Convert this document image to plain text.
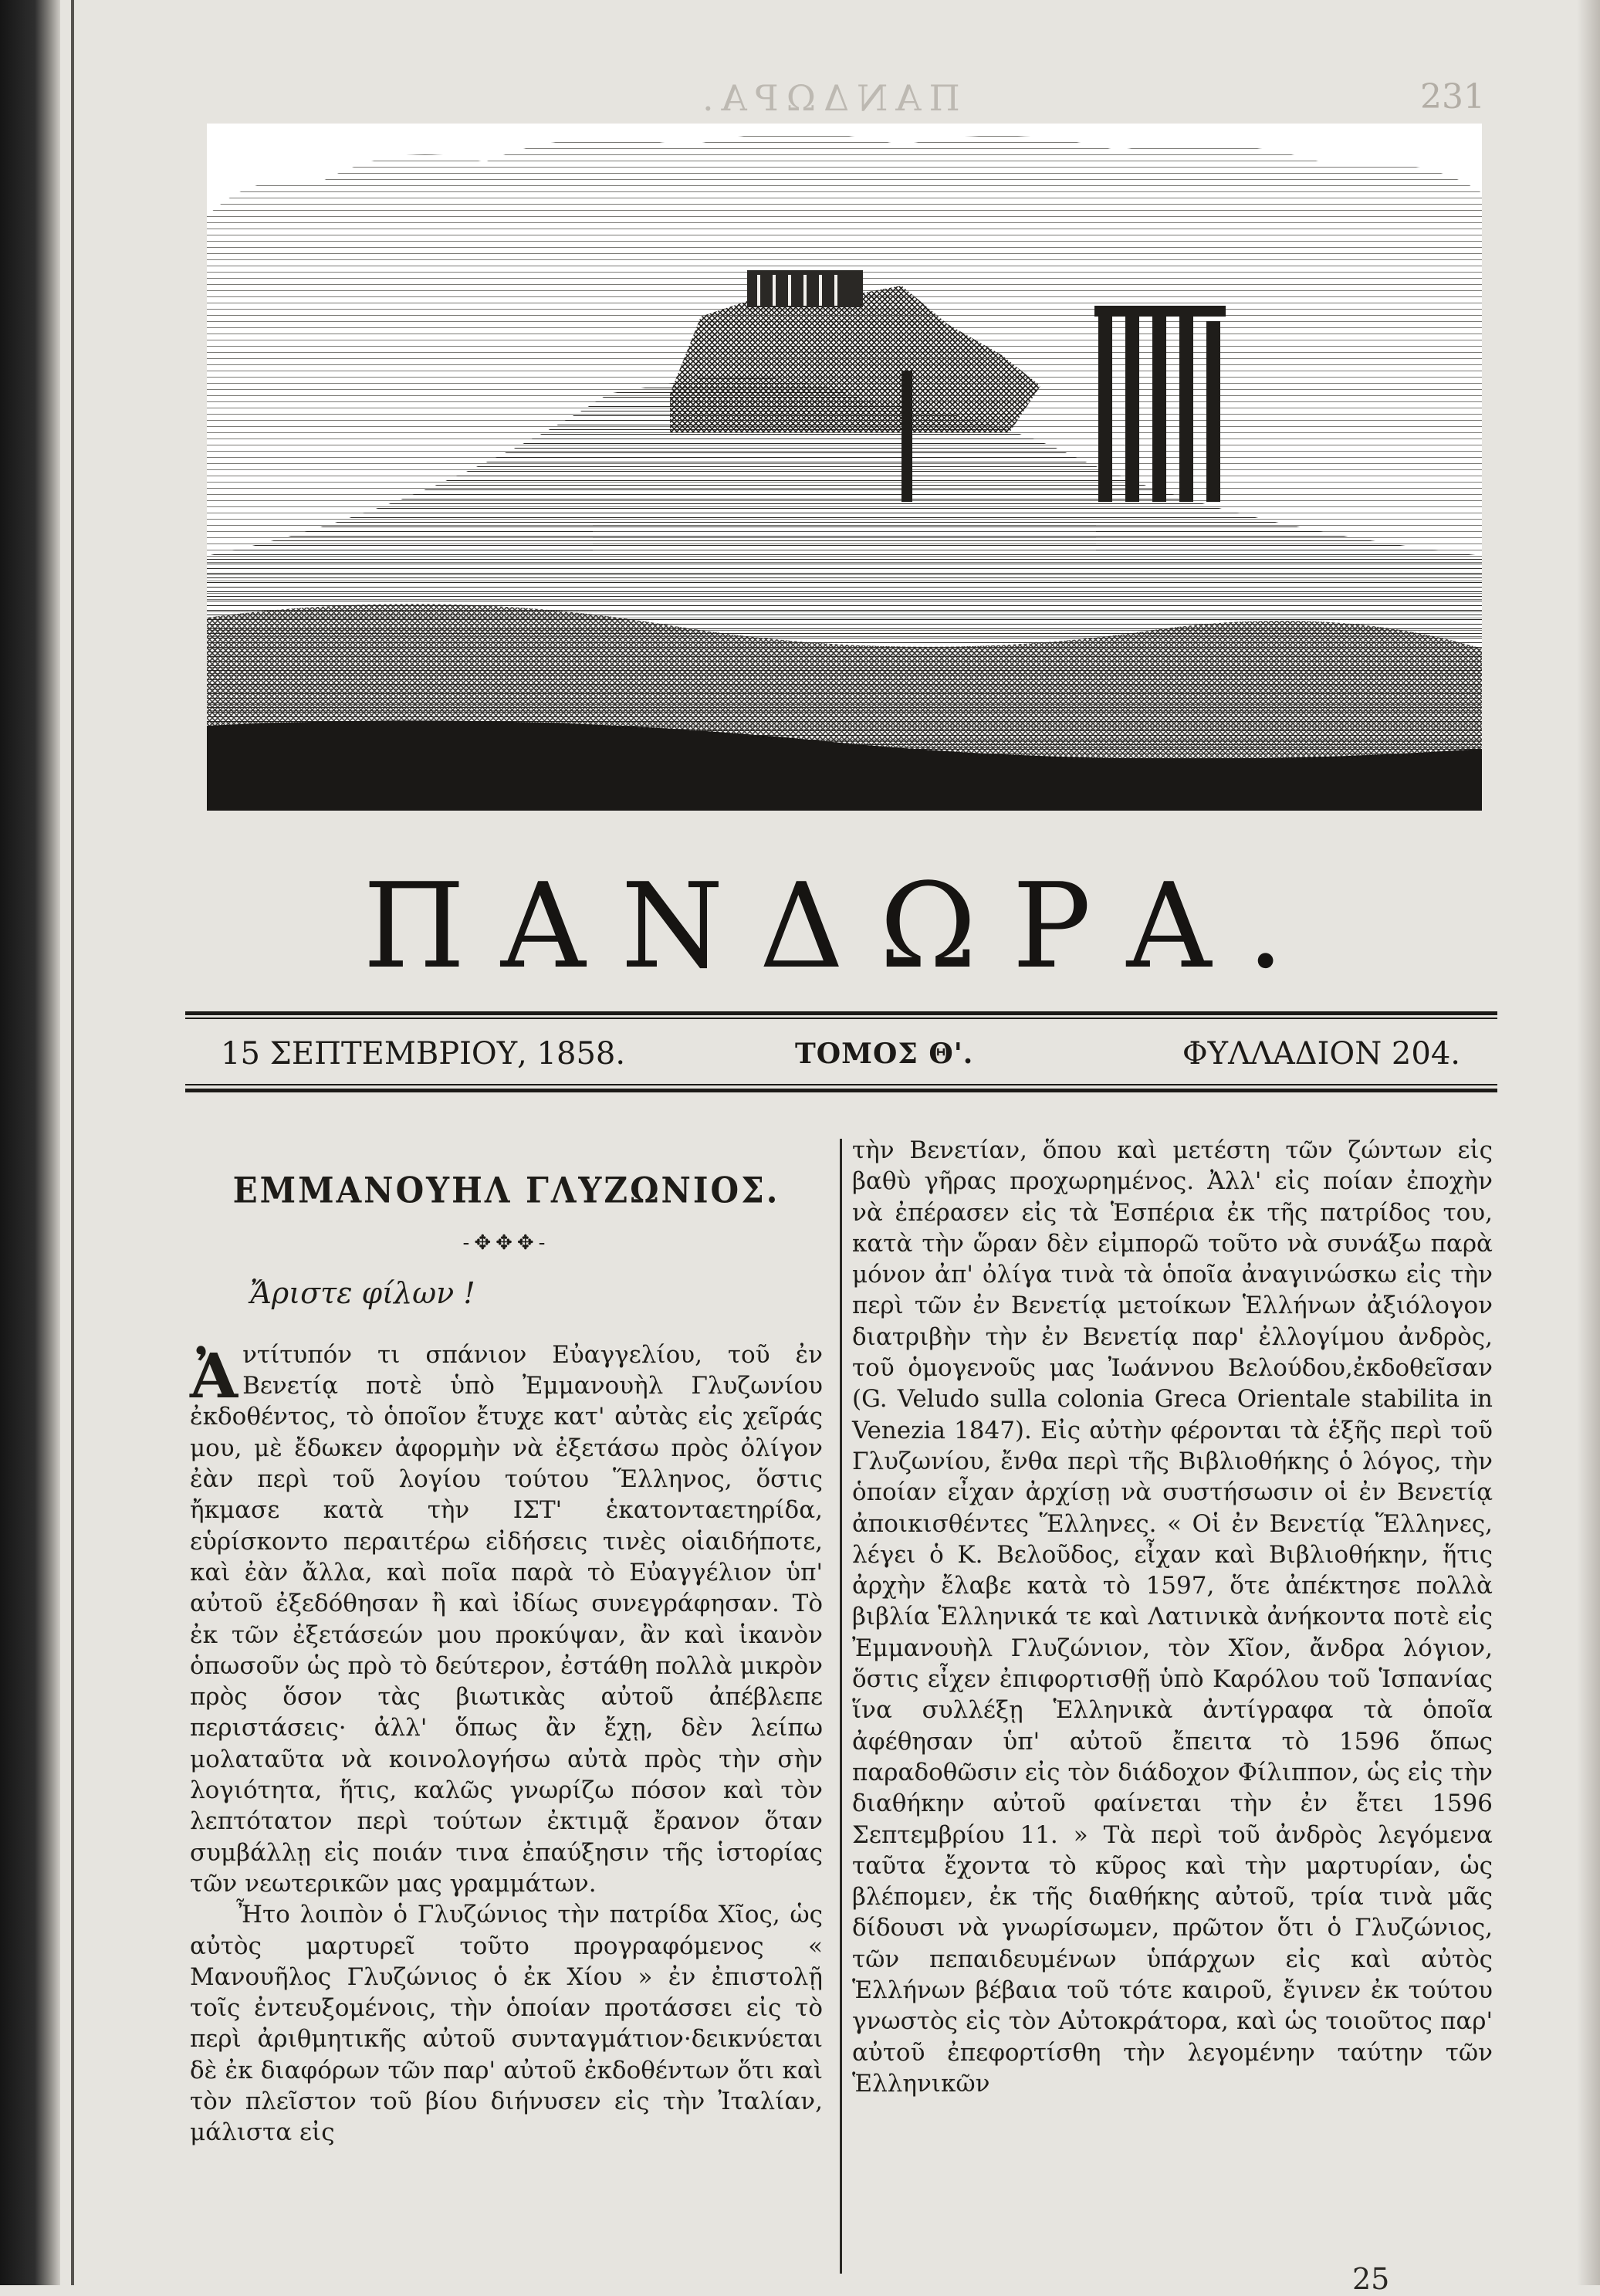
ΠΑΝΔΩΡΑ.	231
ΠΑΝΔΩΡΑ.
15 ΣΕΠΤΕΜΒΡΙΟΥ, 1858.	ΤΟΜΟΣ Θ'.	ΦΥΛΛΑΔΙΟΝ 204.
ΕΜΜΑΝΟΥΗΛ ΓΛΥΖΩΝΙΟΣ.
-✥✥✥-
Ἄριστε φίλων !

Ἀντίτυπόν τι σπάνιον Εὐαγγελίου, τοῦ ἐν Βενετίᾳ ποτὲ ὑπὸ Ἐμμανουὴλ Γλυζωνίου ἐκδοθέντος, τὸ ὁποῖον ἔτυχε κατ' αὐτὰς εἰς χεῖράς μου, μὲ ἔδωκεν ἀφορμὴν νὰ ἐξετάσω πρὸς ὀλίγον ἐὰν περὶ τοῦ λογίου τούτου Ἕλληνος, ὅστις ἤκμασε κατὰ τὴν ΙΣΤ' ἑκατονταετηρίδα, εὑρίσκοντο περαιτέρω εἰδήσεις τινὲς οἱαιδήποτε, καὶ ἐὰν ἄλλα, καὶ ποῖα παρὰ τὸ Εὐαγγέλιον ὑπ' αὐτοῦ ἐξεδόθησαν ἢ καὶ ἰδίως συνεγράφησαν. Τὸ ἐκ τῶν ἐξετάσεών μου προκύψαν, ἂν καὶ ἱκανὸν ὁπωσοῦν ὡς πρὸ τὸ δεύτερον, ἐστάθη πολλὰ μικρὸν πρὸς ὅσον τὰς βιωτικὰς αὐτοῦ ἀπέβλεπε περιστάσεις· ἀλλ' ὅπως ἂν ἔχῃ, δὲν λείπω μολαταῦτα νὰ κοινολογήσω αὐτὰ πρὸς τὴν σὴν λογιότητα, ἥτις, καλῶς γνωρίζω πόσον καὶ τὸν λεπτότατον περὶ τούτων ἐκτιμᾷ ἔρανον ὅταν συμβάλλῃ εἰς ποιάν τινα ἐπαύξησιν τῆς ἱστορίας τῶν νεωτερικῶν μας γραμμάτων.

Ἦτο λοιπὸν ὁ Γλυζώνιος τὴν πατρίδα Χῖος, ὡς αὐτὸς μαρτυρεῖ τοῦτο προγραφόμενος « Μανουῆλος Γλυζώνιος ὁ ἐκ Χίου » ἐν ἐπιστολῇ τοῖς ἐντευξομένοις, τὴν ὁποίαν προτάσσει εἰς τὸ περὶ ἀριθμητικῆς αὐτοῦ συνταγμάτιον·δεικνύεται δὲ ἐκ διαφόρων τῶν παρ' αὐτοῦ ἐκδοθέντων ὅτι καὶ τὸν πλεῖστον τοῦ βίου διήνυσεν εἰς τὴν Ἰταλίαν, μάλιστα εἰς

τὴν Βενετίαν, ὅπου καὶ μετέστη τῶν ζώντων εἰς βαθὺ γῆρας προχωρημένος. Ἀλλ' εἰς ποίαν ἐποχὴν νὰ ἐπέρασεν εἰς τὰ Ἑσπέρια ἐκ τῆς πατρίδος του, κατὰ τὴν ὥραν δὲν εἰμπορῶ τοῦτο νὰ συνάξω παρὰ μόνον ἀπ' ὀλίγα τινὰ τὰ ὁποῖα ἀναγινώσκω εἰς τὴν περὶ τῶν ἐν Βενετίᾳ μετοίκων Ἑλλήνων ἀξιόλογον διατριβὴν τὴν ἐν Βενετίᾳ παρ' ἐλλογίμου ἀνδρὸς, τοῦ ὁμογενοῦς μας Ἰωάννου Βελούδου,ἐκδοθεῖσαν (G. Veludo sulla colonia Greca Orientale stabilita in Venezia 1847). Εἰς αὐτὴν φέρονται τὰ ἑξῆς περὶ τοῦ Γλυζωνίου, ἔνθα περὶ τῆς Βιβλιοθήκης ὁ λόγος, τὴν ὁποίαν εἶχαν ἀρχίσῃ νὰ συστήσωσιν οἱ ἐν Βενετίᾳ ἀποικισθέντες Ἕλληνες. « Οἱ ἐν Βενετίᾳ Ἕλληνες, λέγει ὁ Κ. Βελοῦδος, εἶχαν καὶ Βιβλιοθήκην, ἥτις ἀρχὴν ἔλαβε κατὰ τὸ 1597, ὅτε ἀπέκτησε πολλὰ βιβλία Ἑλληνικά τε καὶ Λατινικὰ ἀνήκοντα ποτὲ εἰς Ἐμμανουὴλ Γλυζώνιον, τὸν Χῖον, ἄνδρα λόγιον, ὅστις εἶχεν ἐπιφορτισθῇ ὑπὸ Καρόλου τοῦ Ἱσπανίας ἵνα συλλέξῃ Ἑλληνικὰ ἀντίγραφα τὰ ὁποῖα ἀφέθησαν ὑπ' αὐτοῦ ἔπειτα τὸ 1596 ὅπως παραδοθῶσιν εἰς τὸν διάδοχον Φίλιππον, ὡς εἰς τὴν διαθήκην αὐτοῦ φαίνεται τὴν ἐν ἔτει 1596 Σεπτεμβρίου 11. » Τὰ περὶ τοῦ ἀνδρὸς λεγόμενα ταῦτα ἔχοντα τὸ κῦρος καὶ τὴν μαρτυρίαν, ὡς βλέπομεν, ἐκ τῆς διαθήκης αὐτοῦ, τρία τινὰ μᾶς δίδουσι νὰ γνωρίσωμεν, πρῶτον ὅτι ὁ Γλυζώνιος, τῶν πεπαιδευμένων ὑπάρχων εἰς καὶ αὐτὸς Ἑλλήνων βέβαια τοῦ τότε καιροῦ, ἔγινεν ἐκ τούτου γνωστὸς εἰς τὸν Αὐτοκράτορα, καὶ ὡς τοιοῦτος παρ' αὐτοῦ ἐπεφορτίσθη τὴν λεγομένην ταύτην τῶν Ἑλληνικῶν

25
